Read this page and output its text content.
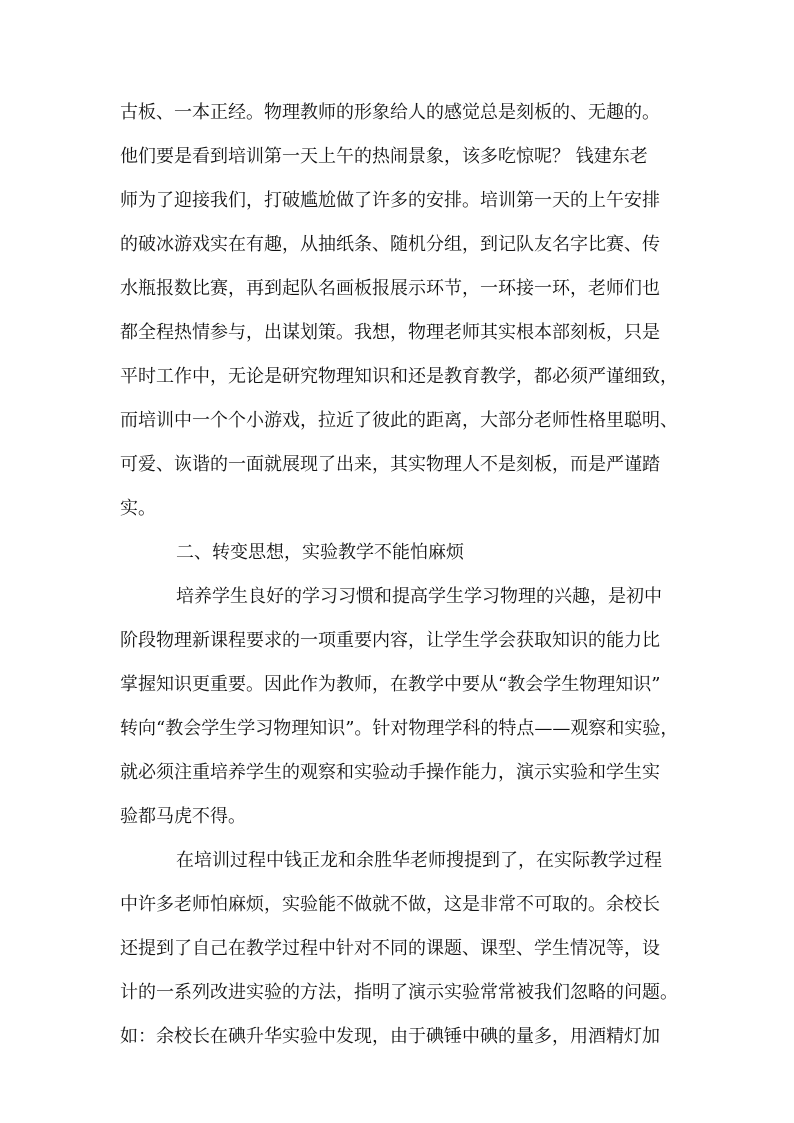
古板、一本正经。物理教师的形象给人的感觉总是刻板的、无趣的。
他们要是看到培训第一天上午的热闹景象，该多吃惊呢？ 钱建东老
师为了迎接我们，打破尴尬做了许多的安排。培训第一天的上午安排
的破冰游戏实在有趣，从抽纸条、随机分组，到记队友名字比赛、传
水瓶报数比赛，再到起队名画板报展示环节，一环接一环，老师们也
都全程热情参与，出谋划策。我想，物理老师其实根本部刻板，只是
平时工作中，无论是研究物理知识和还是教育教学，都必须严谨细致，
而培训中一个个小游戏，拉近了彼此的距离，大部分老师性格里聪明、
可爱、诙谐的一面就展现了出来，其实物理人不是刻板，而是严谨踏
实。
二、转变思想，实验教学不能怕麻烦
培养学生良好的学习习惯和提高学生学习物理的兴趣，是初中
阶段物理新课程要求的一项重要内容，让学生学会获取知识的能力比
掌握知识更重要。因此作为教师，在教学中要从“教会学生物理知识”
转向“教会学生学习物理知识”。针对物理学科的特点——观察和实验，
就必须注重培养学生的观察和实验动手操作能力，演示实验和学生实
验都马虎不得。
在培训过程中钱正龙和余胜华老师搜提到了，在实际教学过程
中许多老师怕麻烦，实验能不做就不做，这是非常不可取的。余校长
还提到了自己在教学过程中针对不同的课题、课型、学生情况等，设
计的一系列改进实验的方法，指明了演示实验常常被我们忽略的问题。
如：余校长在碘升华实验中发现，由于碘锤中碘的量多，用酒精灯加
